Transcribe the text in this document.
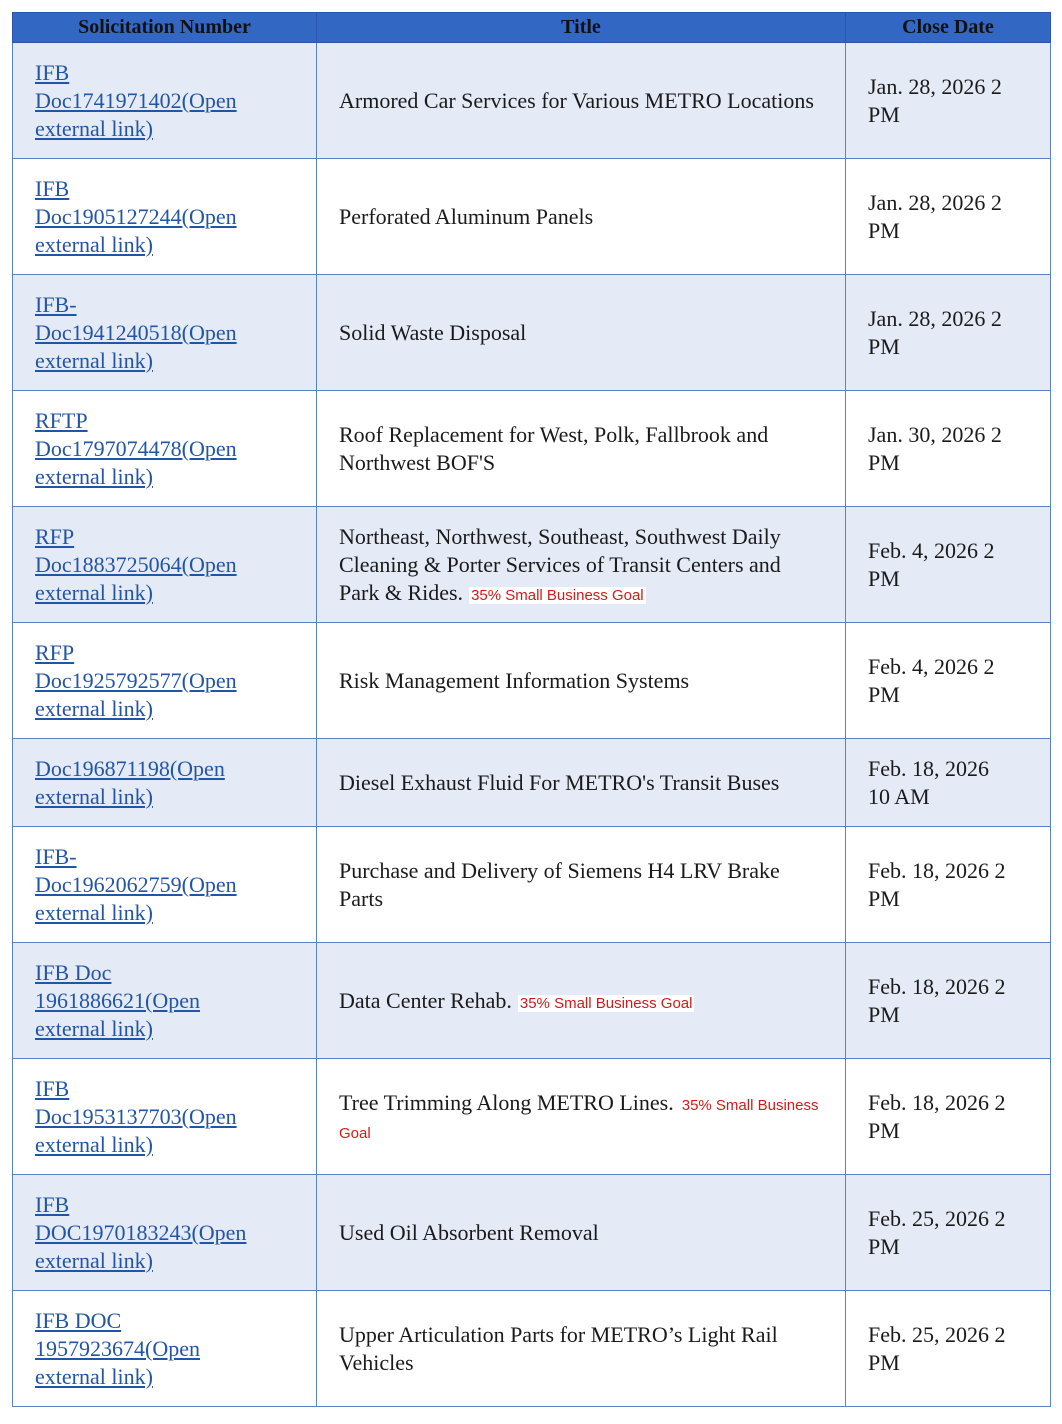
Solicitation Number	Title	Close Date

IFB
Doc1741971402(Open
external link)	Armored Car Services for Various METRO Locations	Jan. 28, 2026 2
PM

IFB
Doc1905127244(Open
external link)	Perforated Aluminum Panels	Jan. 28, 2026 2
PM

IFB-
Doc1941240518(Open
external link)	Solid Waste Disposal	Jan. 28, 2026 2
PM

RFTP
Doc1797074478(Open
external link)	Roof Replacement for West, Polk, Fallbrook and Northwest BOF'S	Jan. 30, 2026 2
PM

RFP
Doc1883725064(Open
external link)	Northeast, Northwest, Southeast, Southwest Daily Cleaning & Porter Services of Transit Centers and Park & Rides. 35% Small Business Goal	Feb. 4, 2026 2
PM

RFP
Doc1925792577(Open
external link)	Risk Management Information Systems	Feb. 4, 2026 2
PM

Doc196871198(Open
external link)	Diesel Exhaust Fluid For METRO's Transit Buses	Feb. 18, 2026
10 AM

IFB-
Doc1962062759(Open
external link)	Purchase and Delivery of Siemens H4 LRV Brake Parts	Feb. 18, 2026 2
PM

IFB Doc
1961886621(Open
external link)	Data Center Rehab. 35% Small Business Goal	Feb. 18, 2026 2
PM

IFB
Doc1953137703(Open
external link)	Tree Trimming Along METRO Lines. 35% Small Business Goal	Feb. 18, 2026 2
PM

IFB
DOC1970183243(Open
external link)	Used Oil Absorbent Removal	Feb. 25, 2026 2
PM

IFB DOC
1957923674(Open
external link)	Upper Articulation Parts for METRO’s Light Rail Vehicles	Feb. 25, 2026 2
PM
